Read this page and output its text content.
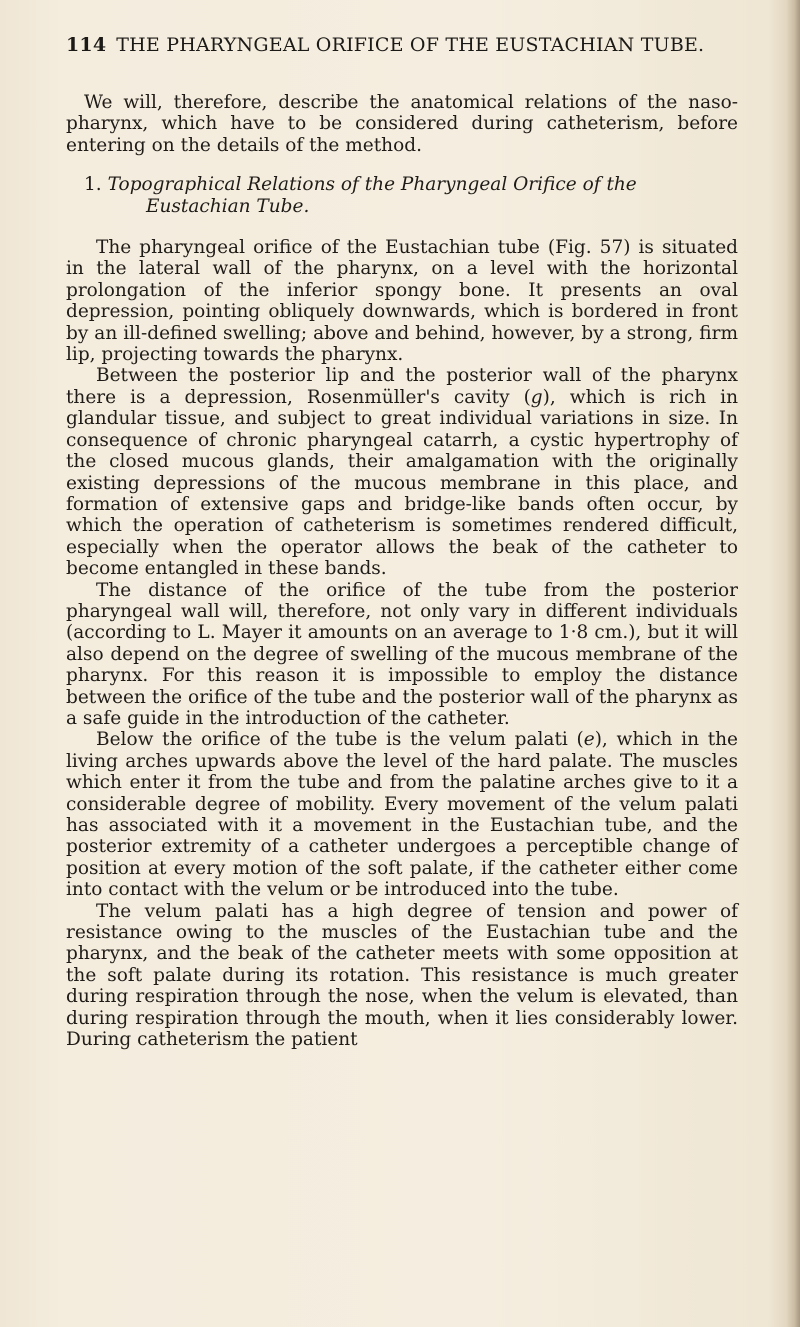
114 THE PHARYNGEAL ORIFICE OF THE EUSTACHIAN TUBE.

We will, therefore, describe the anatomical relations of the naso-pharynx, which have to be considered during catheterism, before entering on the details of the method.

1. Topographical Relations of the Pharyngeal Orifice of the
Eustachian Tube.

The pharyngeal orifice of the Eustachian tube (Fig. 57) is situated in the lateral wall of the pharynx, on a level with the horizontal prolongation of the inferior spongy bone. It presents an oval depression, pointing obliquely downwards, which is bordered in front by an ill-defined swelling; above and behind, however, by a strong, firm lip, projecting towards the pharynx.

Between the posterior lip and the posterior wall of the pharynx there is a depression, Rosenmüller's cavity (g), which is rich in glandular tissue, and subject to great individual variations in size. In consequence of chronic pharyngeal catarrh, a cystic hypertrophy of the closed mucous glands, their amalgamation with the originally existing depressions of the mucous membrane in this place, and formation of extensive gaps and bridge-like bands often occur, by which the operation of catheterism is sometimes rendered difficult, especially when the operator allows the beak of the catheter to become entangled in these bands.

The distance of the orifice of the tube from the posterior pharyngeal wall will, therefore, not only vary in different individuals (according to L. Mayer it amounts on an average to 1·8 cm.), but it will also depend on the degree of swelling of the mucous membrane of the pharynx. For this reason it is impossible to employ the distance between the orifice of the tube and the posterior wall of the pharynx as a safe guide in the introduction of the catheter.

Below the orifice of the tube is the velum palati (e), which in the living arches upwards above the level of the hard palate. The muscles which enter it from the tube and from the palatine arches give to it a considerable degree of mobility. Every movement of the velum palati has associated with it a movement in the Eustachian tube, and the posterior extremity of a catheter undergoes a perceptible change of position at every motion of the soft palate, if the catheter either come into contact with the velum or be introduced into the tube.

The velum palati has a high degree of tension and power of resistance owing to the muscles of the Eustachian tube and the pharynx, and the beak of the catheter meets with some opposition at the soft palate during its rotation. This resistance is much greater during respiration through the nose, when the velum is elevated, than during respiration through the mouth, when it lies considerably lower. During catheterism the patient
